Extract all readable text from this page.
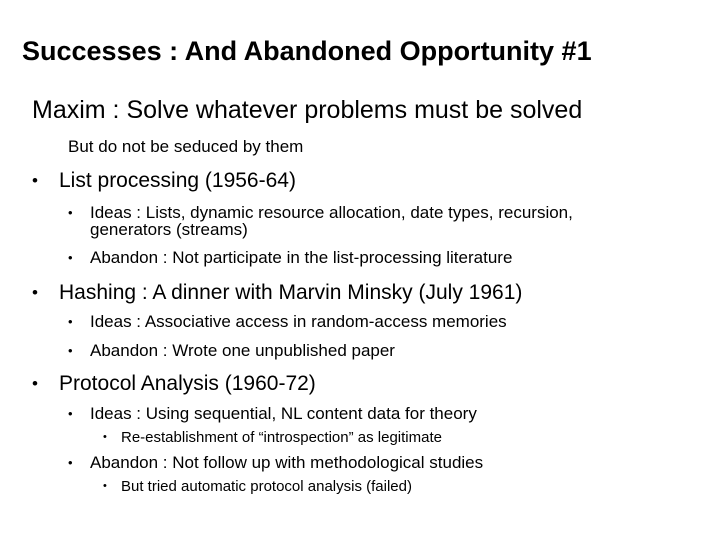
Successes : And Abandoned Opportunity #1
Maxim : Solve whatever problems must be solved
But do not be seduced by them
• List processing (1956-64)
• Ideas : Lists, dynamic resource allocation, date types, recursion,
generators (streams)
• Abandon : Not participate in the list-processing literature
• Hashing : A dinner with Marvin Minsky (July 1961)
• Ideas : Associative access in random-access memories
• Abandon : Wrote one unpublished paper
• Protocol Analysis (1960-72)
• Ideas : Using sequential, NL content data for theory
• Re-establishment of “introspection” as legitimate
• Abandon : Not follow up with methodological studies
• But tried automatic protocol analysis (failed)
